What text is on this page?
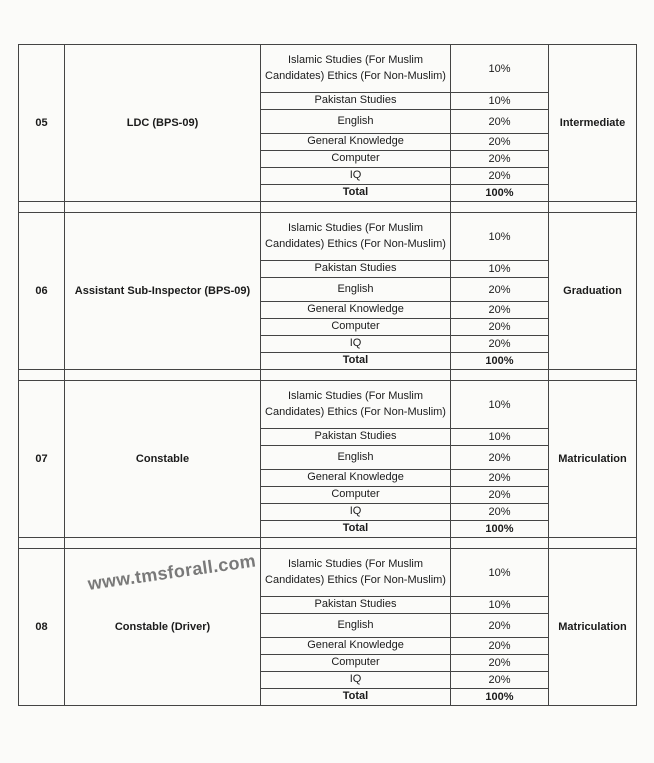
05	LDC (BPS-09)	Islamic Studies (For Muslim Candidates) Ethics (For Non-Muslim)	10%	Intermediate
		Pakistan Studies	10%	
		English	20%	
		General Knowledge	20%	
		Computer	20%	
		IQ	20%	
		Total	100%	

06	Assistant Sub-Inspector (BPS-09)	Islamic Studies (For Muslim Candidates) Ethics (For Non-Muslim)	10%	Graduation
		Pakistan Studies	10%	
		English	20%	
		General Knowledge	20%	
		Computer	20%	
		IQ	20%	
		Total	100%	

07	Constable	Islamic Studies (For Muslim Candidates) Ethics (For Non-Muslim)	10%	Matriculation
		Pakistan Studies	10%	
		English	20%	
		General Knowledge	20%	
		Computer	20%	
		IQ	20%	
		Total	100%	

08	Constable (Driver)	Islamic Studies (For Muslim Candidates) Ethics (For Non-Muslim)	10%	Matriculation
		Pakistan Studies	10%	
		English	20%	
		General Knowledge	20%	
		Computer	20%	
		IQ	20%	
		Total	100%	
www.tmsforall.com
